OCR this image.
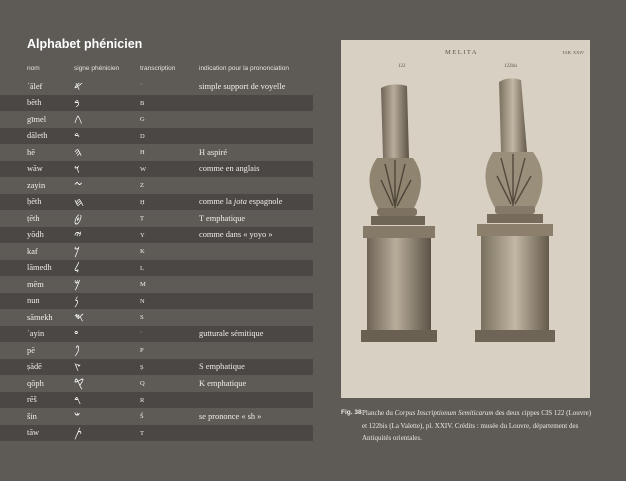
Alphabet phénicien
nom	signe phénicien	transcription	indication pour la prononciation
ʾālef	𐤀	ʾ	simple support de voyelle
bēth	𐤁	B
gīmel 𐤂	G
dāleth 𐤃	D
hē	𐤄	H	H aspiré
wāw	𐤅	W	comme en anglais
zayin 𐤆	Z
ḥēth	𐤇	Ḥ	comme la jota espagnole
ṭēth	𐤈	Ṭ	T emphatique
yōdh	𐤉	Y	comme dans « yoyo »
kaf	𐤊	K
lāmedh 𐤋	L
mēm	𐤌	M
nun	𐤍	N
sāmekh 𐤎	S
ʿayin 𐤏	ʿ	gutturale sémitique
pē	𐤐	P
ṣādē	𐤑	Ṣ	S emphatique
qōph	𐤒	Q	K emphatique
rēš	𐤓	R
šin	𐤔	Š	se prononce « sh »
tāw	𐤕	T
MELITA	TAB. XXIV
122	122bis
Fig. 38 Planche du Corpus Inscriptionum Semiticarum des deux cippes CIS 122 (Louvre) et 122bis (La Valette), pl. XXIV. Crédits : musée du Louvre, département des Antiquités orientales.
